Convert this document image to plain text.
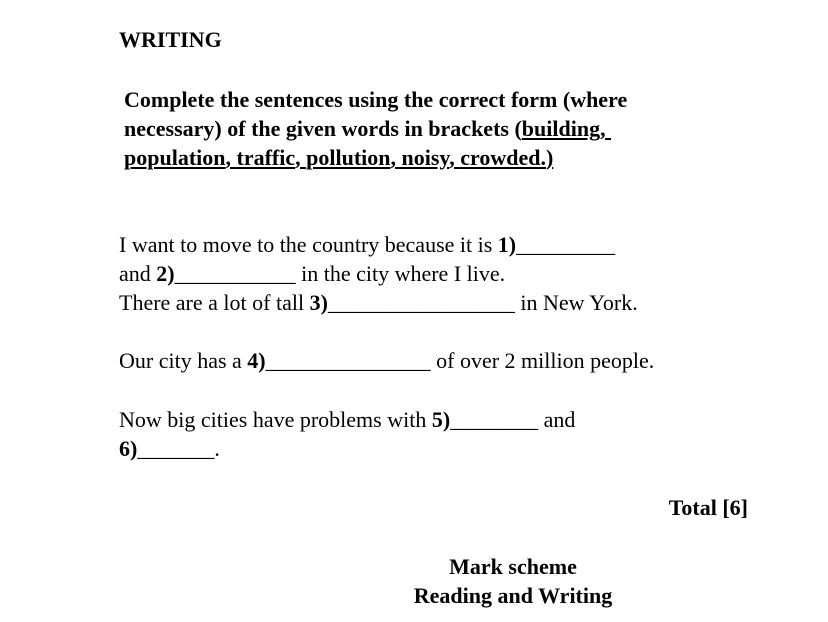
WRITING
Complete the sentences using the correct form (where
necessary) of the given words in brackets (building,
population, traffic, pollution, noisy, crowded.)
I want to move to the country because it is 1)_________
and 2)___________ in the city where I live.
There are a lot of tall 3)_________________ in New York.
Our city has a 4)_______________ of over 2 million people.
Now big cities have problems with 5)________ and
6)_______.
Total [6]
Mark scheme
Reading and Writing
